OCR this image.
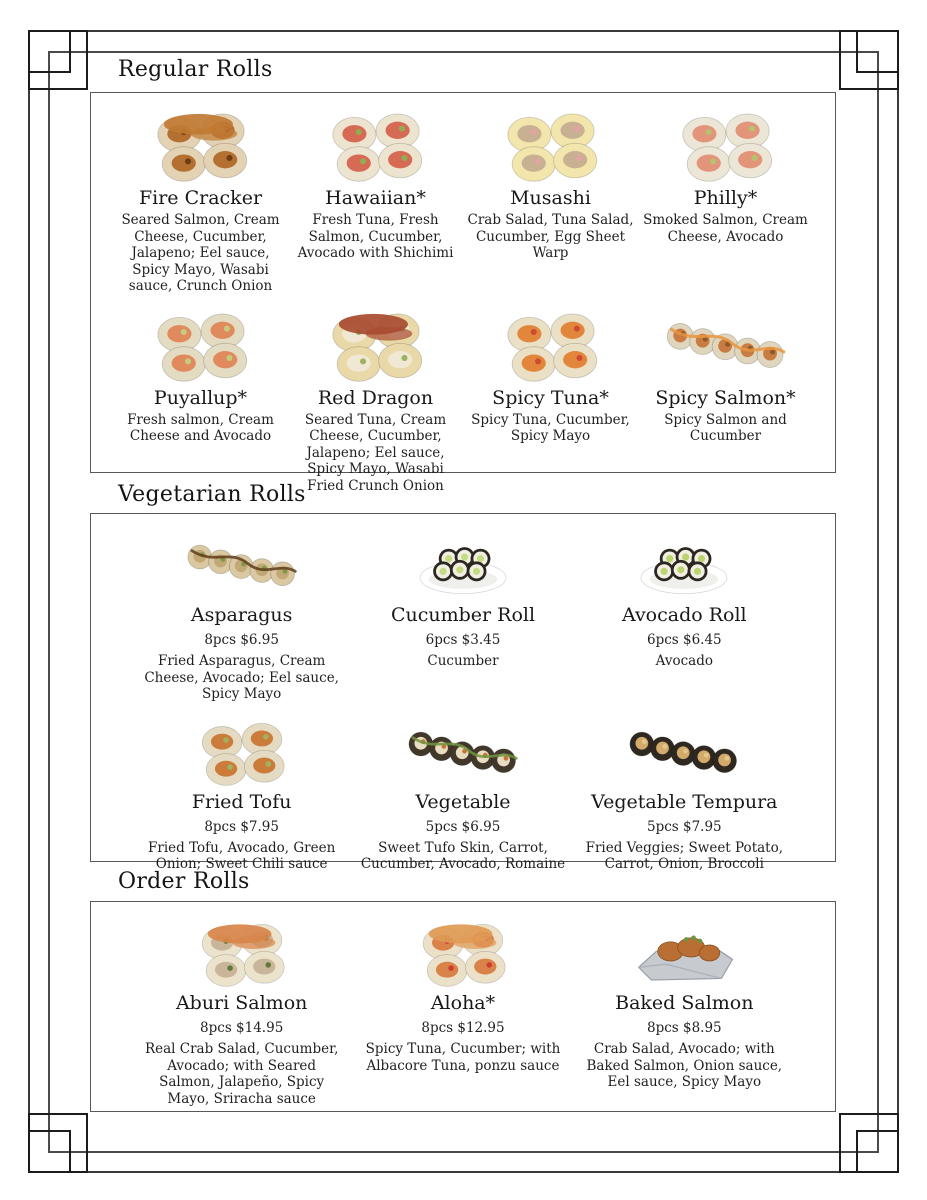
Regular Rolls
Vegetarian Rolls
Order Rolls
Fire Cracker
Seared Salmon, Cream Cheese, Cucumber, Jalapeno; Eel sauce, Spicy Mayo, Wasabi sauce, Crunch Onion
Hawaiian*
Fresh Tuna, Fresh Salmon, Cucumber, Avocado with Shichimi
Musashi
Crab Salad, Tuna Salad, Cucumber, Egg Sheet Warp
Philly*
Smoked Salmon, Cream Cheese, Avocado
Puyallup*
Fresh salmon, Cream Cheese and Avocado
Red Dragon
Seared Tuna, Cream Cheese, Cucumber, Jalapeno; Eel sauce, Spicy Mayo, Wasabi Fried Crunch Onion
Spicy Tuna*
Spicy Tuna, Cucumber, Spicy Mayo
Spicy Salmon*
Spicy Salmon and Cucumber
Asparagus
8pcs $6.95
Fried Asparagus, Cream Cheese, Avocado; Eel sauce, Spicy Mayo
Cucumber Roll
6pcs $3.45
Cucumber
Avocado Roll
6pcs $6.45
Avocado
Fried Tofu
8pcs $7.95
Fried Tofu, Avocado, Green Onion; Sweet Chili sauce
Vegetable
5pcs $6.95
Sweet Tufo Skin, Carrot, Cucumber, Avocado, Romaine
Vegetable Tempura
5pcs $7.95
Fried Veggies; Sweet Potato, Carrot, Onion, Broccoli
Aburi Salmon
8pcs $14.95
Real Crab Salad, Cucumber, Avocado; with Seared Salmon, Jalapeño, Spicy Mayo, Sriracha sauce
Aloha*
8pcs $12.95
Spicy Tuna, Cucumber; with Albacore Tuna, ponzu sauce
Baked Salmon
8pcs $8.95
Crab Salad, Avocado; with Baked Salmon, Onion sauce, Eel sauce, Spicy Mayo
